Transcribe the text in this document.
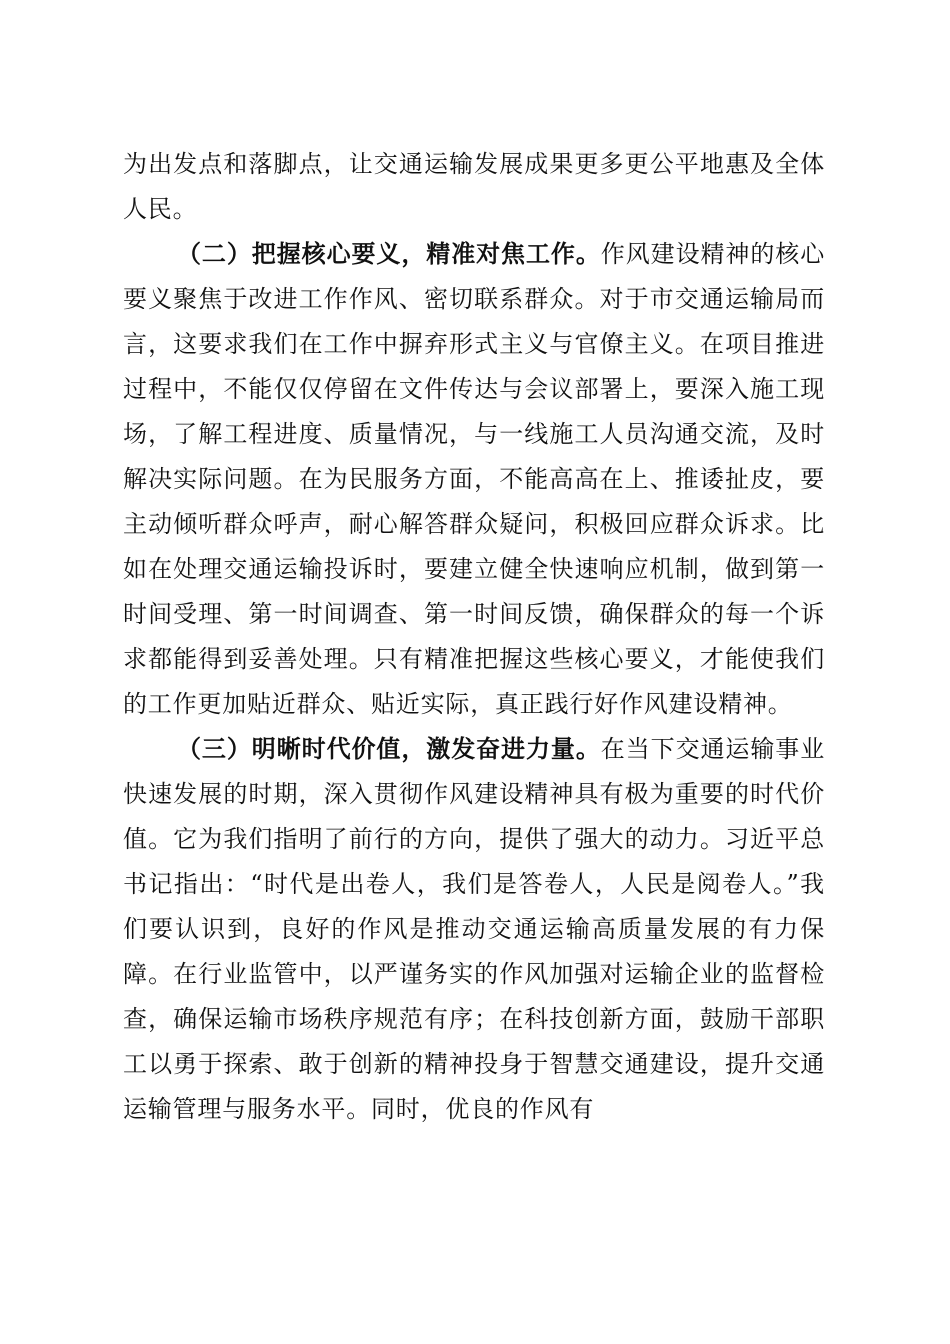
为出发点和落脚点，让交通运输发展成果更多更公平地惠及全体人民。

（二）把握核心要义，精准对焦工作。作风建设精神的核心要义聚焦于改进工作作风、密切联系群众。对于市交通运输局而言，这要求我们在工作中摒弃形式主义与官僚主义。在项目推进过程中，不能仅仅停留在文件传达与会议部署上，要深入施工现场，了解工程进度、质量情况，与一线施工人员沟通交流，及时解决实际问题。在为民服务方面，不能高高在上、推诿扯皮，要主动倾听群众呼声，耐心解答群众疑问，积极回应群众诉求。比如在处理交通运输投诉时，要建立健全快速响应机制，做到第一时间受理、第一时间调查、第一时间反馈，确保群众的每一个诉求都能得到妥善处理。只有精准把握这些核心要义，才能使我们的工作更加贴近群众、贴近实际，真正践行好作风建设精神。

（三）明晰时代价值，激发奋进力量。在当下交通运输事业快速发展的时期，深入贯彻作风建设精神具有极为重要的时代价值。它为我们指明了前行的方向，提供了强大的动力。习近平总书记指出：“时代是出卷人，我们是答卷人，人民是阅卷人。”我们要认识到，良好的作风是推动交通运输高质量发展的有力保障。在行业监管中，以严谨务实的作风加强对运输企业的监督检查，确保运输市场秩序规范有序；在科技创新方面，鼓励干部职工以勇于探索、敢于创新的精神投身于智慧交通建设，提升交通运输管理与服务水平。同时，优良的作风有
